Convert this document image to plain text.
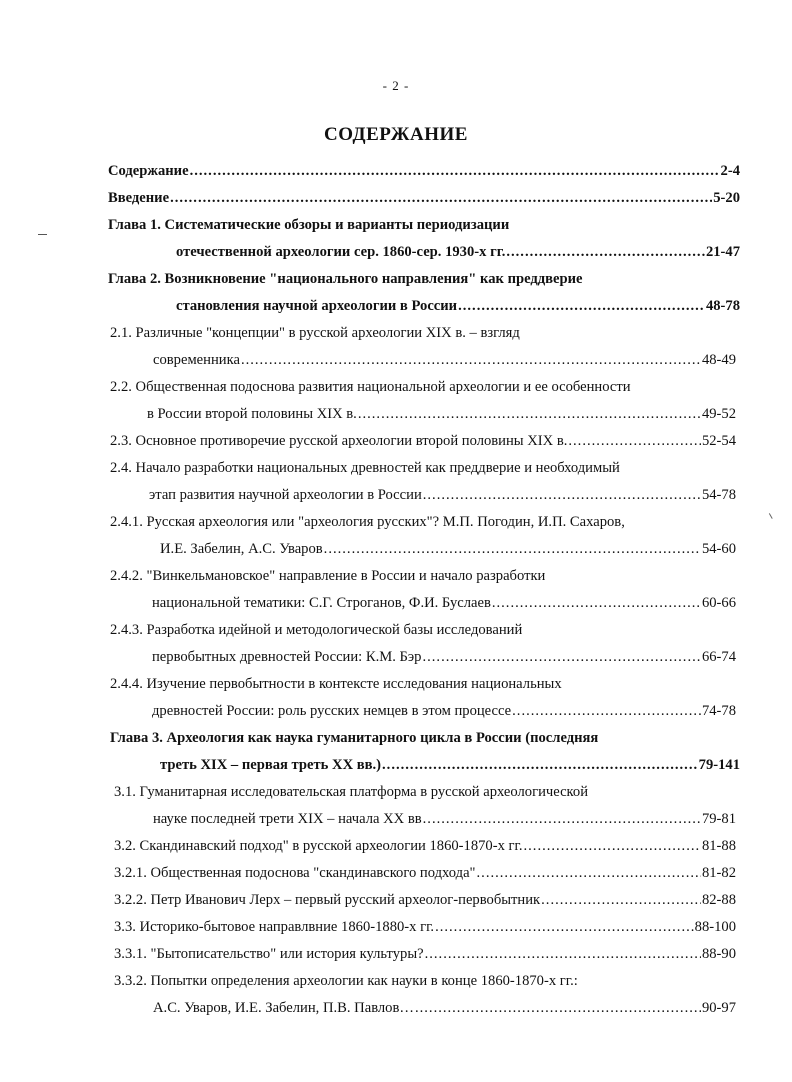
- 2 -
СОДЕРЖАНИЕ
Содержание .....	2-4
Введение .....	5-20
Глава 1. Систематические обзоры и варианты периодизации
отечественной археологии сер. 1860-сер. 1930-х гг. .....	21-47
Глава 2. Возникновение "национального направления" как преддверие
становления научной археологии в России .....	48-78
2.1. Различные "концепции" в русской археологии XIX в. – взгляд
современника .....	48-49
2.2. Общественная подоснова развития национальной археологии и ее особенности
в России второй половины XIX в. .....	49-52
2.3. Основное противоречие русской археологии второй половины XIX в. .....	52-54
2.4. Начало разработки национальных древностей как преддверие и необходимый
этап развития научной археологии в России .....	54-78
2.4.1. Русская археология или "археология русских"? М.П. Погодин, И.П. Сахаров,
И.Е. Забелин, А.С. Уваров .....	54-60
2.4.2. "Винкельмановское" направление в России и начало разработки
национальной тематики: С.Г. Строганов, Ф.И. Буслаев .....	60-66
2.4.3. Разработка идейной и методологической базы исследований
первобытных древностей России: К.М. Бэр .....	66-74
2.4.4. Изучение первобытности в контексте исследования национальных
древностей России: роль русских немцев в этом процессе .....	74-78
Глава 3. Археология как наука гуманитарного цикла в России (последняя
треть XIX – первая треть XX вв.) .....	79-141
3.1. Гуманитарная исследовательская платформа в русской археологической
науке последней трети XIX – начала XX вв .....	79-81
3.2. Скандинавский подход" в русской археологии 1860-1870-х гг. .....	81-88
3.2.1. Общественная подоснова "скандинавского подхода" .....	81-82
3.2.2. Петр Иванович Лерх – первый русский археолог-первобытник .....	82-88
3.3. Историко-бытовое направлвние 1860-1880-х гг. .....	88-100
3.3.1. "Бытописательство" или история культуры? .....	88-90
3.3.2. Попытки определения археологии как науки в конце 1860-1870-х гг.:
А.С. Уваров, И.Е. Забелин, П.В. Павлов… .....	90-97
